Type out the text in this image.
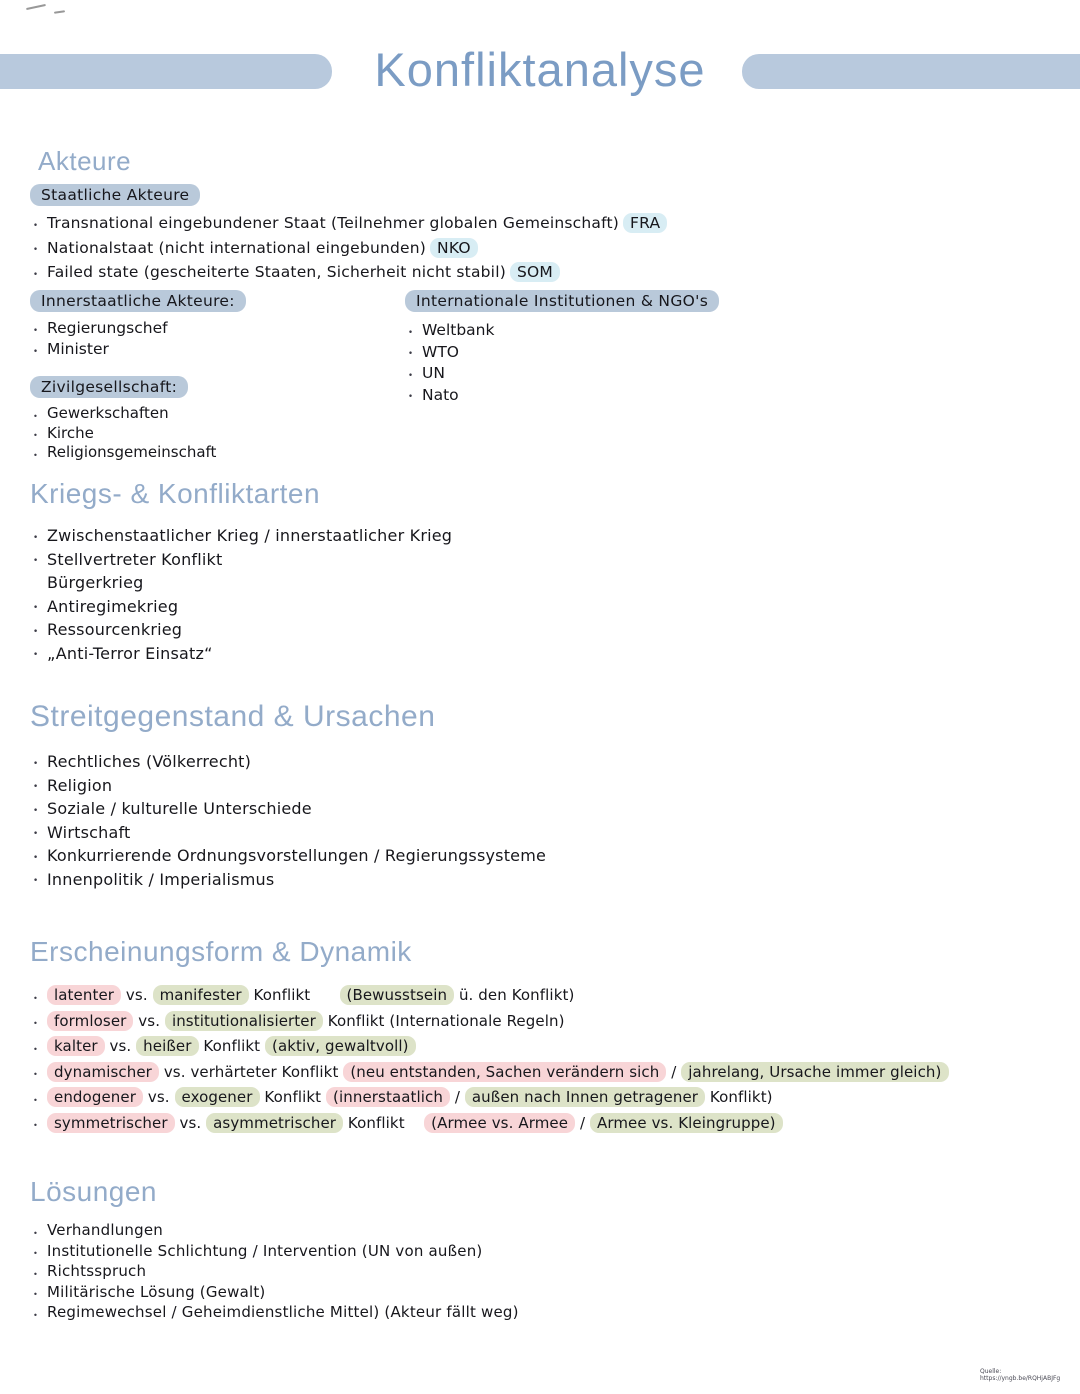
Konfliktanalyse
Akteure
Staatliche Akteure
• Transnational eingebundener Staat (Teilnehmer globalen Gemeinschaft) FRA
• Nationalstaat (nicht international eingebunden) NKO
• Failed state (gescheiterte Staaten, Sicherheit nicht stabil) SOM
Innerstaatliche Akteure:
• Regierungschef
• Minister
Zivilgesellschaft:
• Gewerkschaften
• Kirche
• Religionsgemeinschaft
Internationale Institutionen & NGO's
• Weltbank
• WTO
• UN
• Nato
Kriegs- & Konfliktarten
• Zwischenstaatlicher Krieg / innerstaatlicher Krieg
• Stellvertreter Konflikt
Bürgerkrieg
• Antiregimekrieg
• Ressourcenkrieg
• „Anti-Terror Einsatz“
Streitgegenstand & Ursachen
• Rechtliches (Völkerrecht)
• Religion
• Soziale / kulturelle Unterschiede
• Wirtschaft
• Konkurrierende Ordnungsvorstellungen / Regierungssysteme
• Innenpolitik / Imperialismus
Erscheinungsform & Dynamik
• latenter vs. manifester Konflikt      (Bewusstsein ü. den Konflikt)
• formloser vs. institutionalisierter Konflikt (Internationale Regeln)
• kalter vs. heißer Konflikt (aktiv, gewaltvoll)
• dynamischer vs. verhärteter Konflikt (neu entstanden, Sachen verändern sich / jahrelang, Ursache immer gleich)
• endogener vs. exogener Konflikt (innerstaatlich / außen nach Innen getragener Konflikt)
• symmetrischer vs. asymmetrischer Konflikt    (Armee vs. Armee / Armee vs. Kleingruppe)
Lösungen
• Verhandlungen
• Institutionelle Schlichtung / Intervention (UN von außen)
• Richtsspruch
• Militärische Lösung (Gewalt)
• Regimewechsel / Geheimdienstliche Mittel) (Akteur fällt weg)
Quelle: https://yngb.be/RQHjABJFg
